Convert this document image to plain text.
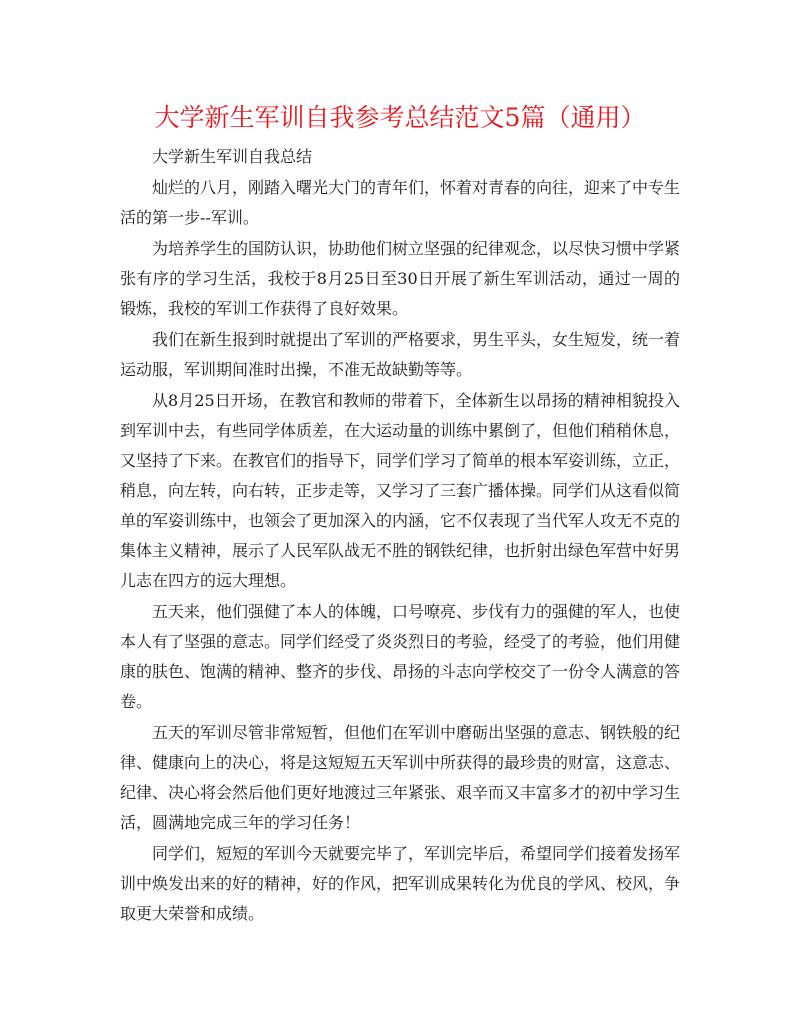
大学新生军训自我参考总结范文5篇（通用）

大学新生军训自我总结

灿烂的八月，刚踏入曙光大门的青年们，怀着对青春的向往，迎来了中专生活的第一步--军训。

为培养学生的国防认识，协助他们树立坚强的纪律观念，以尽快习惯中学紧张有序的学习生活，我校于8月25日至30日开展了新生军训活动，通过一周的锻炼，我校的军训工作获得了良好效果。

我们在新生报到时就提出了军训的严格要求，男生平头，女生短发，统一着运动服，军训期间准时出操，不准无故缺勤等等。

从8月25日开场，在教官和教师的带着下，全体新生以昂扬的精神相貌投入到军训中去，有些同学体质差，在大运动量的训练中累倒了，但他们稍稍休息，又坚持了下来。在教官们的指导下，同学们学习了简单的根本军姿训练，立正，稍息，向左转，向右转，正步走等，又学习了三套广播体操。同学们从这看似简单的军姿训练中，也领会了更加深入的内涵，它不仅表现了当代军人攻无不克的集体主义精神，展示了人民军队战无不胜的钢铁纪律，也折射出绿色军营中好男儿志在四方的远大理想。

五天来，他们强健了本人的体魄，口号嘹亮、步伐有力的强健的军人，也使本人有了坚强的意志。同学们经受了炎炎烈日的考验，经受了的考验，他们用健康的肤色、饱满的精神、整齐的步伐、昂扬的斗志向学校交了一份令人满意的答卷。

五天的军训尽管非常短暂，但他们在军训中磨砺出坚强的意志、钢铁般的纪律、健康向上的决心，将是这短短五天军训中所获得的最珍贵的财富，这意志、纪律、决心将会然后他们更好地渡过三年紧张、艰辛而又丰富多才的初中学习生活，圆满地完成三年的学习任务！

同学们，短短的军训今天就要完毕了，军训完毕后，希望同学们接着发扬军训中焕发出来的好的精神，好的作风，把军训成果转化为优良的学风、校风，争取更大荣誉和成绩。
